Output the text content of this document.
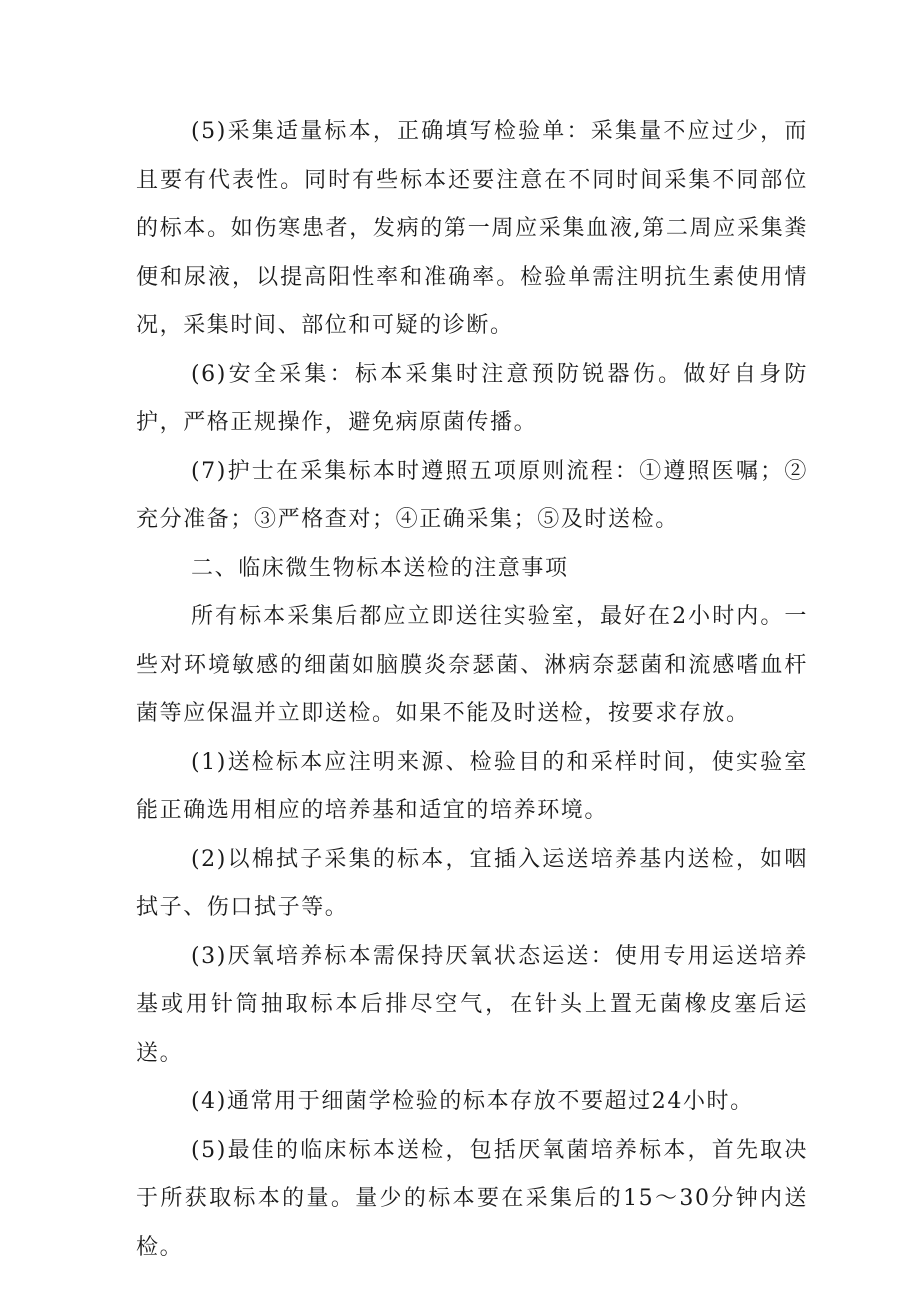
(5)采集适量标本，正确填写检验单：采集量不应过少，而且要有代表性。同时有些标本还要注意在不同时间采集不同部位的标本。如伤寒患者，发病的第一周应采集血液,第二周应采集粪便和尿液，以提高阳性率和准确率。检验单需注明抗生素使用情况，采集时间、部位和可疑的诊断。

(6)安全采集：标本采集时注意预防锐器伤。做好自身防护，严格正规操作，避免病原菌传播。

(7)护士在采集标本时遵照五项原则流程：①遵照医嘱；②充分准备；③严格查对；④正确采集；⑤及时送检。

二、临床微生物标本送检的注意事项

所有标本采集后都应立即送往实验室，最好在2小时内。一些对环境敏感的细菌如脑膜炎奈瑟菌、淋病奈瑟菌和流感嗜血杆菌等应保温并立即送检。如果不能及时送检，按要求存放。

(1)送检标本应注明来源、检验目的和采样时间，使实验室能正确选用相应的培养基和适宜的培养环境。

(2)以棉拭子采集的标本，宜插入运送培养基内送检，如咽拭子、伤口拭子等。

(3)厌氧培养标本需保持厌氧状态运送：使用专用运送培养基或用针筒抽取标本后排尽空气，在针头上置无菌橡皮塞后运送。

(4)通常用于细菌学检验的标本存放不要超过24小时。

(5)最佳的临床标本送检，包括厌氧菌培养标本，首先取决于所获取标本的量。量少的标本要在采集后的15～30分钟内送检。
